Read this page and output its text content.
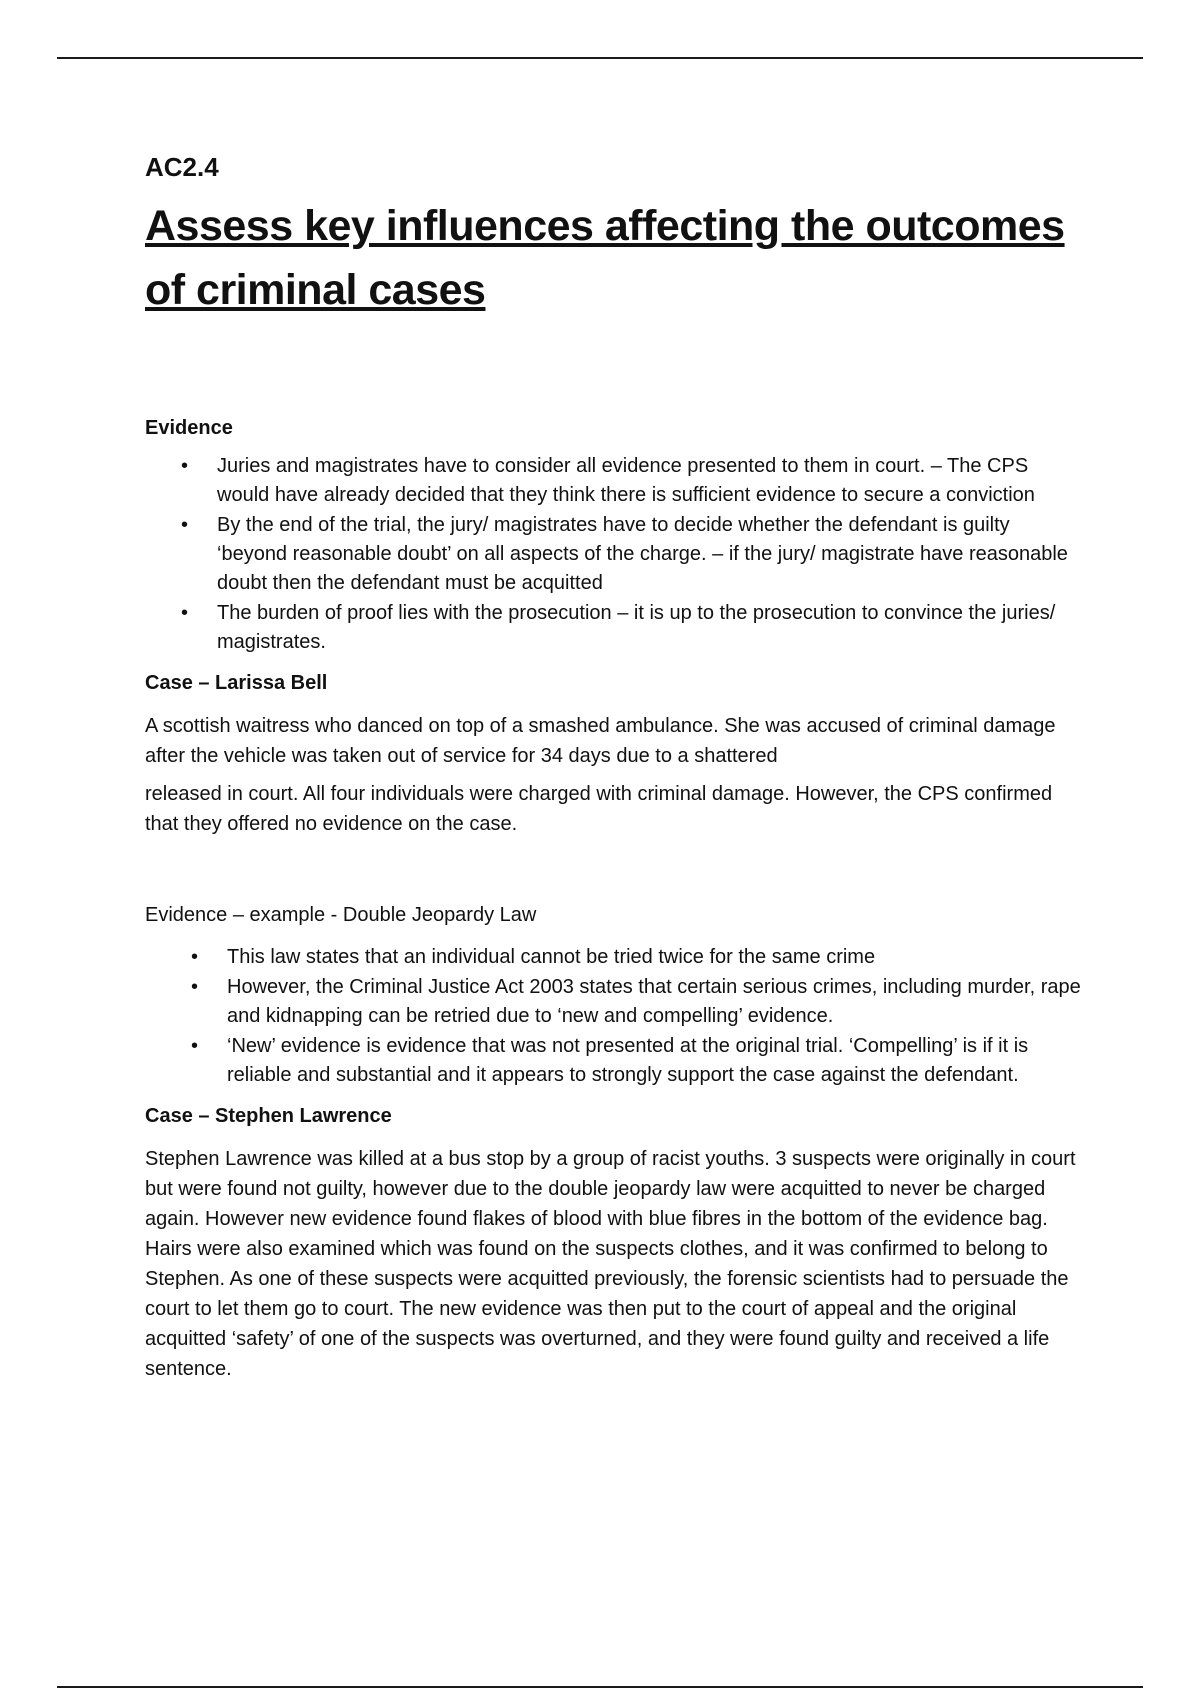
AC2.4

Assess key influences affecting the outcomes of criminal cases

Evidence

• Juries and magistrates have to consider all evidence presented to them in court. – The CPS would have already decided that they think there is sufficient evidence to secure a conviction
• By the end of the trial, the jury/ magistrates have to decide whether the defendant is guilty ‘beyond reasonable doubt’ on all aspects of the charge. – if the jury/ magistrate have reasonable doubt then the defendant must be acquitted
• The burden of proof lies with the prosecution – it is up to the prosecution to convince the juries/ magistrates.

Case – Larissa Bell

A scottish waitress who danced on top of a smashed ambulance. She was accused of criminal damage after the vehicle was taken out of service for 34 days due to a shattered

released in court. All four individuals were charged with criminal damage. However, the CPS confirmed that they offered no evidence on the case.

Evidence – example - Double Jeopardy Law

• This law states that an individual cannot be tried twice for the same crime
• However, the Criminal Justice Act 2003 states that certain serious crimes, including murder, rape and kidnapping can be retried due to ‘new and compelling’ evidence.
• ‘New’ evidence is evidence that was not presented at the original trial. ‘Compelling’ is if it is reliable and substantial and it appears to strongly support the case against the defendant.

Case – Stephen Lawrence

Stephen Lawrence was killed at a bus stop by a group of racist youths. 3 suspects were originally in court but were found not guilty, however due to the double jeopardy law were acquitted to never be charged again. However new evidence found flakes of blood with blue fibres in the bottom of the evidence bag. Hairs were also examined which was found on the suspects clothes, and it was confirmed to belong to Stephen. As one of these suspects were acquitted previously, the forensic scientists had to persuade the court to let them go to court. The new evidence was then put to the court of appeal and the original acquitted ‘safety’ of one of the suspects was overturned, and they were found guilty and received a life sentence.
